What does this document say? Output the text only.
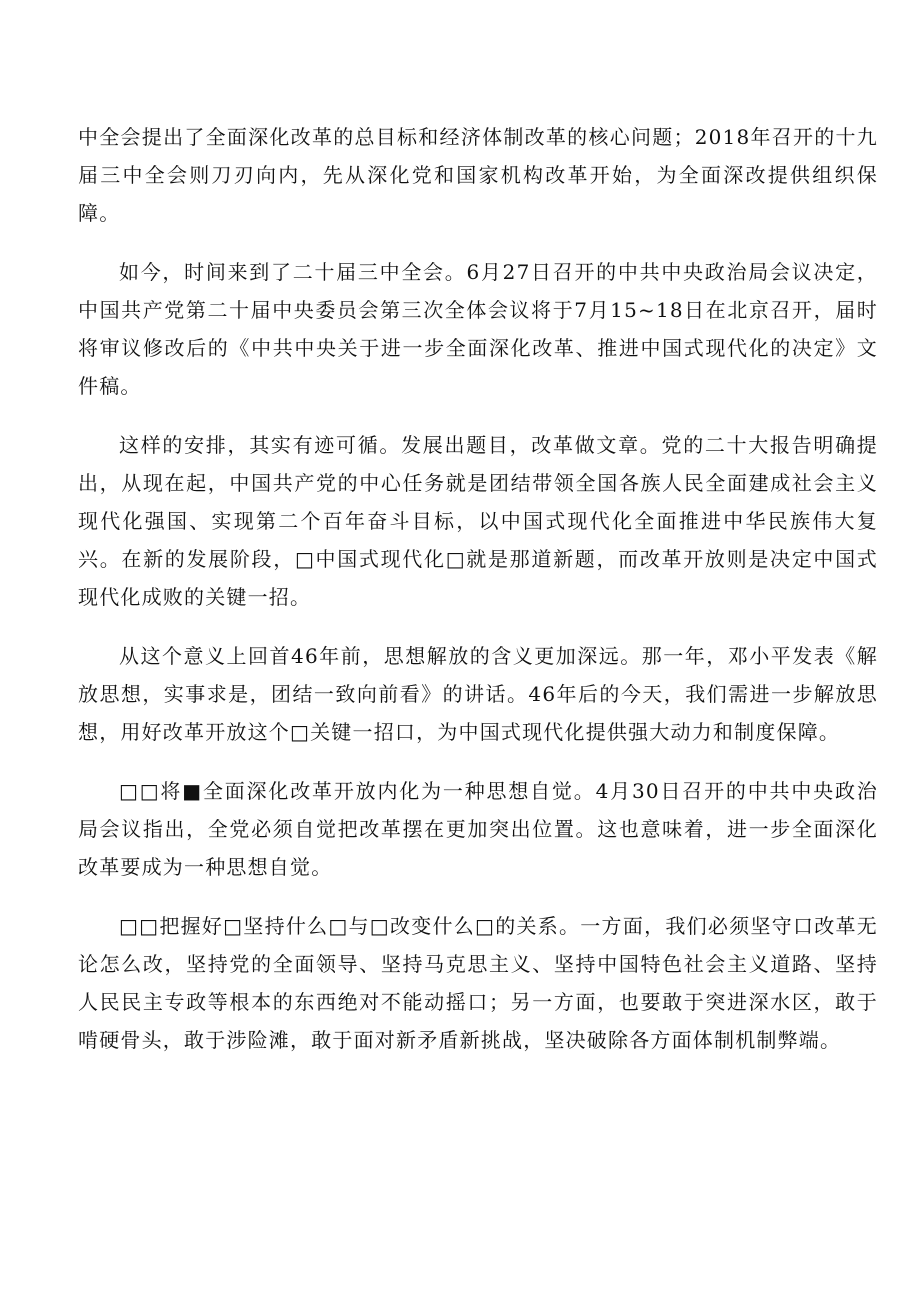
中全会提出了全面深化改革的总目标和经济体制改革的核心问题；2018年召开的十九届三中全会则刀刃向内，先从深化党和国家机构改革开始，为全面深改提供组织保障。

如今，时间来到了二十届三中全会。6月27日召开的中共中央政治局会议决定，中国共产党第二十届中央委员会第三次全体会议将于7月15~18日在北京召开，届时将审议修改后的《中共中央关于进一步全面深化改革、推进中国式现代化的决定》文件稿。

这样的安排，其实有迹可循。发展出题目，改革做文章。党的二十大报告明确提出，从现在起，中国共产党的中心任务就是团结带领全国各族人民全面建成社会主义现代化强国、实现第二个百年奋斗目标，以中国式现代化全面推进中华民族伟大复兴。在新的发展阶段，□中国式现代化□就是那道新题，而改革开放则是决定中国式现代化成败的关键一招。

从这个意义上回首46年前，思想解放的含义更加深远。那一年，邓小平发表《解放思想，实事求是，团结一致向前看》的讲话。46年后的今天，我们需进一步解放思想，用好改革开放这个□关键一招口，为中国式现代化提供强大动力和制度保障。

□□将■全面深化改革开放内化为一种思想自觉。4月30日召开的中共中央政治局会议指出，全党必须自觉把改革摆在更加突出位置。这也意味着，进一步全面深化改革要成为一种思想自觉。

□□把握好□坚持什么□与□改变什么□的关系。一方面，我们必须坚守口改革无论怎么改，坚持党的全面领导、坚持马克思主义、坚持中国特色社会主义道路、坚持人民民主专政等根本的东西绝对不能动摇口；另一方面，也要敢于突进深水区，敢于啃硬骨头，敢于涉险滩，敢于面对新矛盾新挑战，坚决破除各方面体制机制弊端。
